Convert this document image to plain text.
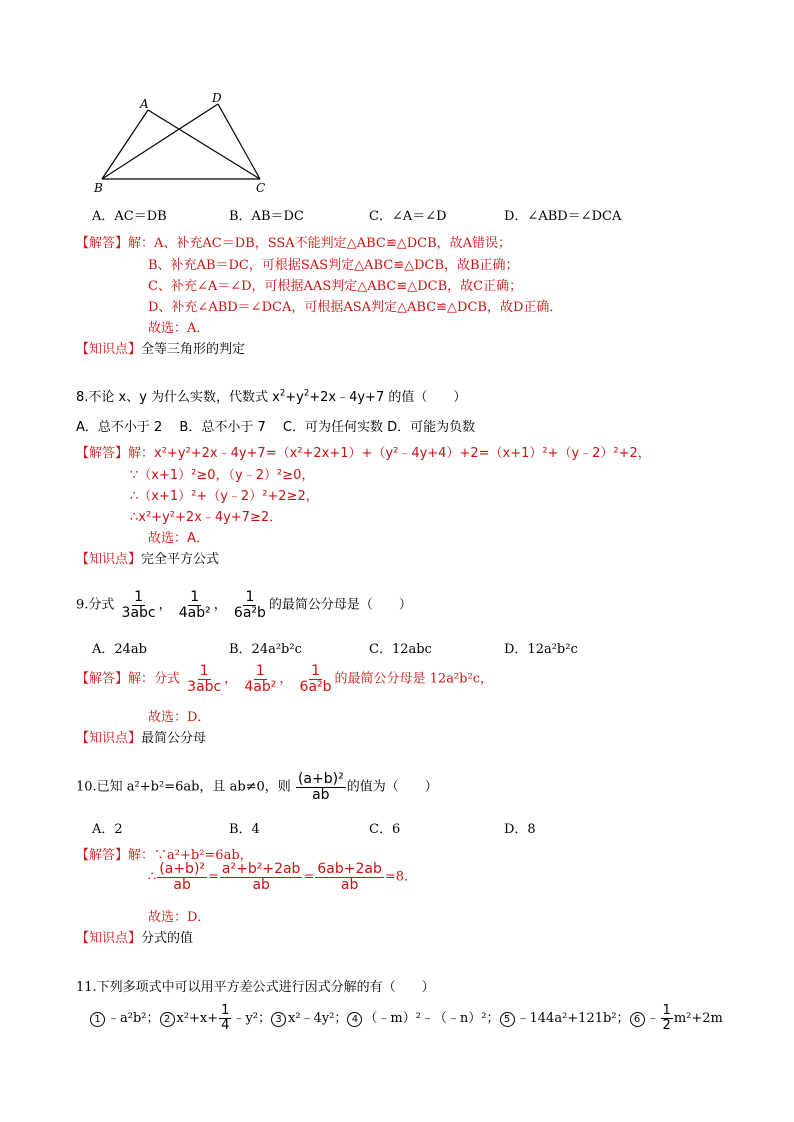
A	D
B	C
A．AC＝DB	B．AB＝DC	C．∠A＝∠D	D．∠ABD＝∠DCA
【解答】解：A、补充AC＝DB，SSA不能判定△ABC≌△DCB，故A错误；
B、补充AB＝DC，可根据SAS判定△ABC≌△DCB，故B正确；
C、补充∠A＝∠D，可根据AAS判定△ABC≌△DCB，故C正确；
D、补充∠ABD＝∠DCA，可根据ASA判定△ABC≌△DCB，故D正确．
故选：A．
【知识点】全等三角形的判定
8.不论 x、y 为什么实数，代数式 $x^2+y^2+2x﹣4y+7$ 的值（　　）
A．总不小于 2　 B．总不小于 7　 C．可为任何实数 D．可能为负数
【解答】解：x²+y²+2x﹣4y+7=（x²+2x+1）+（y²﹣4y+4）+2=（x+1）²+（y﹣2）²+2，
∵（x+1）²≥0，（y﹣2）²≥0，
∴（x+1）²+（y﹣2）²+2≥2，
∴x²+y²+2x﹣4y+7≥2．
故选：A．
【知识点】完全平方公式
9.分式 $\frac{1}{\text{3abc}}$ ， $\frac{1}{\text{4ab²}}$ ， $\frac{1}{\text{6a²b}}$ 的最简公分母是（　　）
A．24ab	B．24a²b²c	C．12abc	D．12a²b²c
【解答】解：分式 $\frac{1}{\text{3abc}}$ ， $\frac{1}{\text{4ab²}}$ ， $\frac{1}{\text{6a²b}}$ 的最简公分母是 12a²b²c，
故选：D．
【知识点】最简公分母
10.已知 a²+b²=6ab，且 ab≠0，则 $\frac{\text{(a+b)²}}{ab}$ 的值为（　　）
A．2	B．4	C．6	D．8
【解答】解：∵a²+b²=6ab，
∴ $\frac{\text{(a+b)²}}{ab} = \frac{\text{a²+b²+2ab}}{ab} = \frac{6ab+2ab}{ab} =8$．
故选：D．
【知识点】分式的值
11.下列多项式中可以用平方差公式进行因式分解的有（　　）
1 ﹣a²b²； 2 $x^2+x+ \frac{1}{4}$ ﹣y²； 3 x²﹣4y²； 4 （﹣m）²﹣（﹣n）²； 5 ﹣144a²+121b²； 6 ﹣ $\frac{1}{2} m^2+2m$
